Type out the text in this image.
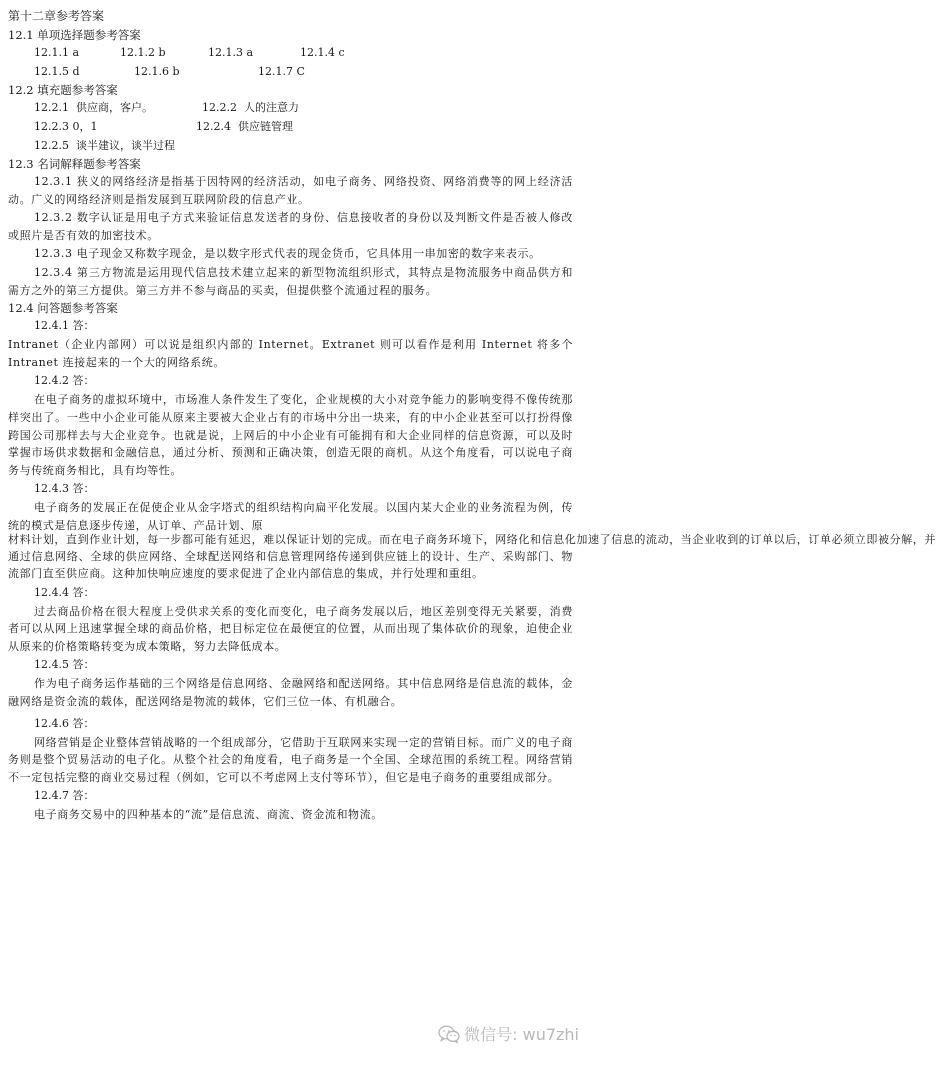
第十二章参考答案
12.1 单项选择题参考答案
12.1.1 a	12.1.2 b	12.1.3 a	12.1.4 c
12.1.5 d	12.1.6 b	12.1.7 C
12.2 填充题参考答案
12.2.1  供应商，客户。	12.2.2  人的注意力
12.2.3 0，1	12.2.4  供应链管理
12.2.5  谈半建议，谈半过程
12.3 名词解释题参考答案

12.3.1 狭义的网络经济是指基于因特网的经济活动，如电子商务、网络投资、网络消费等的网上经济活动。广义的网络经济则是指发展到互联网阶段的信息产业。

12.3.2 数字认证是用电子方式来验证信息发送者的身份、信息接收者的身份以及判断文件是否被人修改或照片是否有效的加密技术。

12.3.3 电子现金又称数字现金，是以数字形式代表的现金货币，它具体用一串加密的数字来表示。

12.3.4 第三方物流是运用现代信息技术建立起来的新型物流组织形式，其特点是物流服务中商品供方和需方之外的第三方提供。第三方并不参与商品的买卖，但提供整个流通过程的服务。

12.4 问答题参考答案
12.4.1 答：

Intranet（企业内部网）可以说是组织内部的 Internet。Extranet 则可以看作是利用 Internet 将多个 Intranet 连接起来的一个大的网络系统。

12.4.2 答：

在电子商务的虚拟环境中，市场准人条件发生了变化，企业规模的大小对竞争能力的影响变得不像传统那样突出了。一些中小企业可能从原来主要被大企业占有的市场中分出一块来，有的中小企业甚至可以打扮得像跨国公司那样去与大企业竞争。也就是说，上网后的中小企业有可能拥有和大企业同样的信息资源，可以及时掌握市场供求数据和金融信息，通过分析、预测和正确决策，创造无限的商机。从这个角度看，可以说电子商务与传统商务相比，具有均等性。

12.4.3 答：

电子商务的发展正在促使企业从金字塔式的组织结构向扁平化发展。以国内某大企业的业务流程为例，传统的模式是信息逐步传递，从订单、产品计划、原

材料计划，直到作业计划，每一步都可能有延迟，难以保证计划的完成。而在电子商务环境下，网络化和信息化加速了信息的流动，当企业收到的订单以后，订单必须立即被分解，并

通过信息网络、全球的供应网络、全球配送网络和信息管理网络传递到供应链上的设计、生产、采购部门、物流部门直至供应商。这种加快响应速度的要求促进了企业内部信息的集成，并行处理和重组。

12.4.4 答：

过去商品价格在很大程度上受供求关系的变化而变化，电子商务发展以后，地区差别变得无关紧要，消费者可以从网上迅速掌握全球的商品价格，把目标定位在最便宜的位置，从而出现了集体砍价的现象，迫使企业从原来的价格策略转变为成本策略，努力去降低成本。

12.4.5 答：

作为电子商务运作基础的三个网络是信息网络、金融网络和配送网络。其中信息网络是信息流的载体，金融网络是资金流的载体，配送网络是物流的载体，它们三位一体、有机融合。

12.4.6 答：

网络营销是企业整体营销战略的一个组成部分，它借助于互联网来实现一定的营销目标。而广义的电子商务则是整个贸易活动的电子化。从整个社会的角度看，电子商务是一个全国、全球范围的系统工程。网络营销不一定包括完整的商业交易过程（例如，它可以不考虑网上支付等环节），但它是电子商务的重要组成部分。

12.4.7 答：

电子商务交易中的四种基本的“流”是信息流、商流、资金流和物流。

微信号: wu7zhi
